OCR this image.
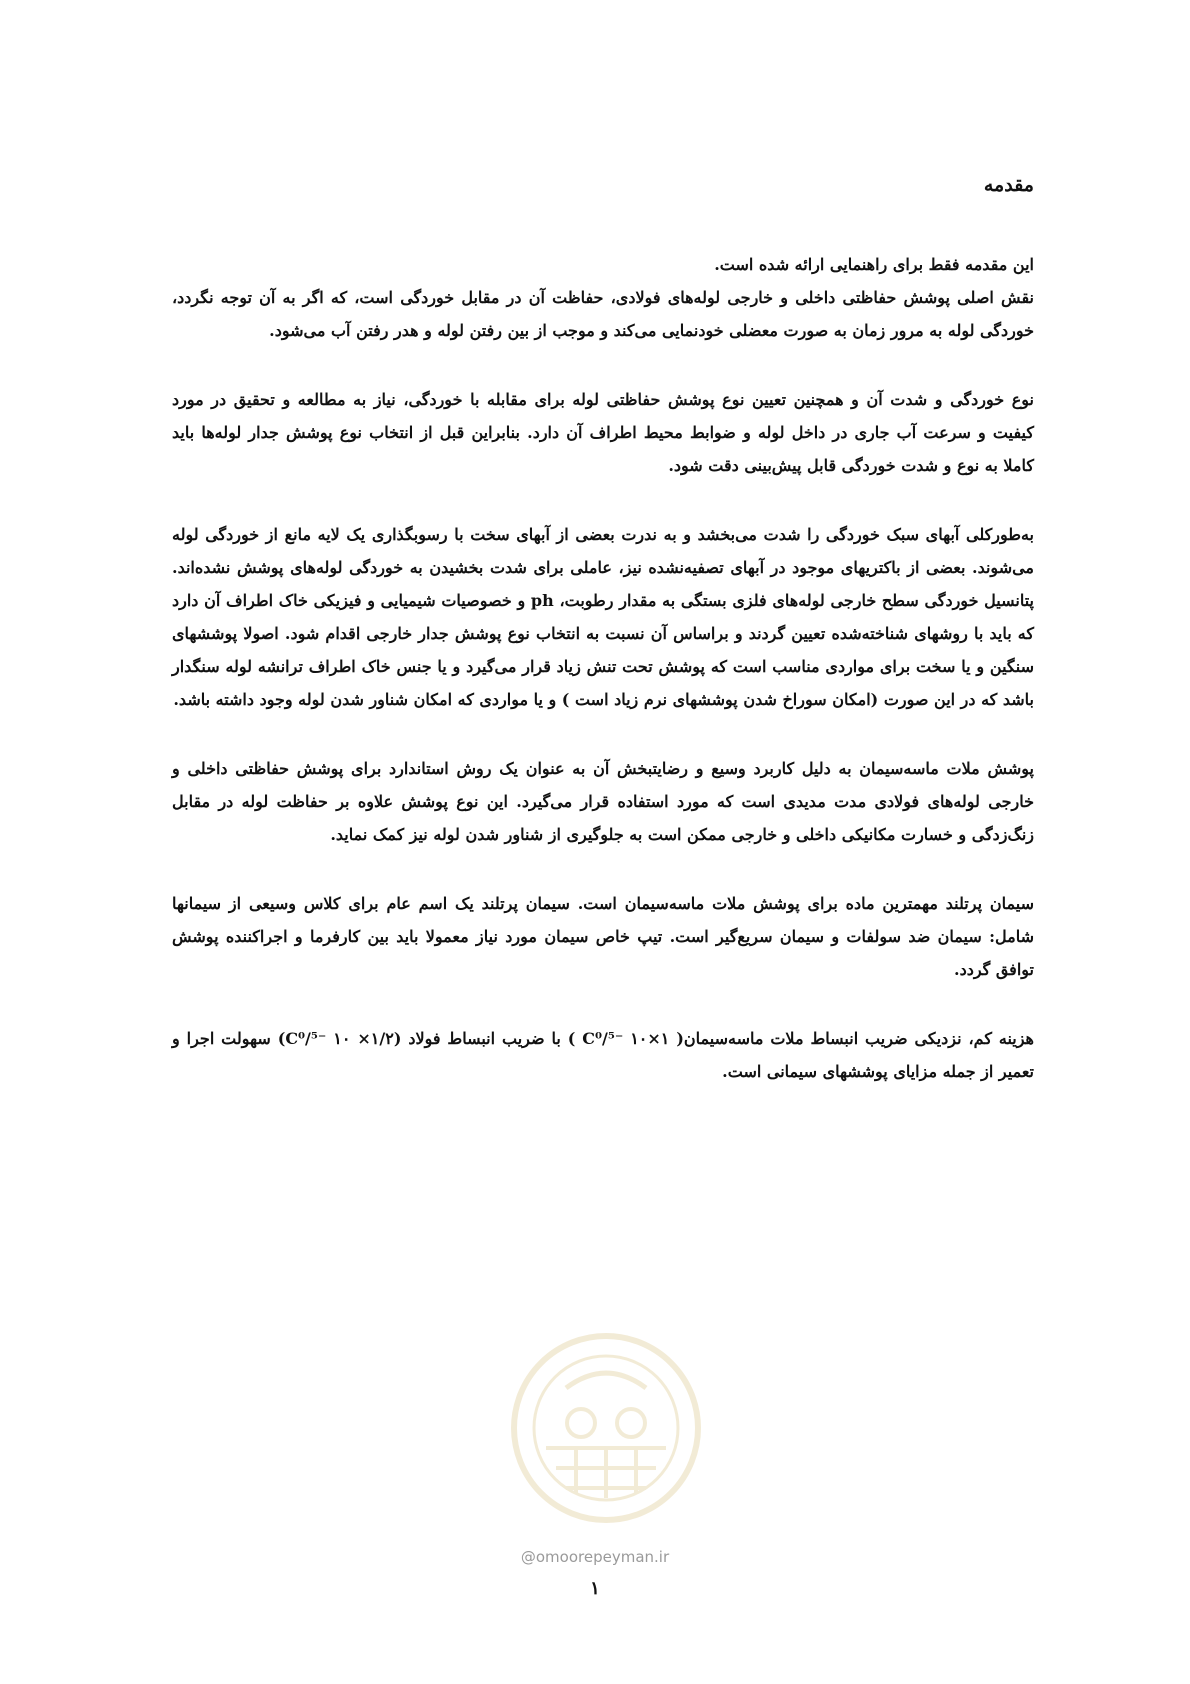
مقدمه

این مقدمه فقط برای راهنمایی ارائه شده است.

نقش اصلی پوشش حفاظتی داخلی و خارجی لوله‌های فولادی، حفاظت آن در مقابل خوردگی است، که اگر به آن توجه نگردد، خوردگی لوله به مرور زمان به صورت معضلی خودنمایی می‌کند و موجب از بین رفتن لوله و هدر رفتن آب می‌شود.

نوع خوردگی و شدت آن و همچنین تعیین نوع پوشش حفاظتی لوله برای مقابله با خوردگی، نیاز به مطالعه و تحقیق در مورد کیفیت و سرعت آب جاری در داخل لوله و ضوابط محیط اطراف آن دارد. بنابراین قبل از انتخاب نوع پوشش جدار لوله‌ها باید کاملا به نوع و شدت خوردگی قابل پیش‌بینی دقت شود.

به‌طورکلی آبهای سبک خوردگی را شدت می‌بخشد و به ندرت بعضی از آبهای سخت با رسوبگذاری یک لایه مانع از خوردگی لوله می‌شوند. بعضی از باکتریهای موجود در آبهای تصفیه‌نشده نیز، عاملی برای شدت بخشیدن به خوردگی لوله‌های پوشش نشده‌اند. پتانسیل خوردگی سطح خارجی لوله‌های فلزی بستگی به مقدار رطوبت، ph و خصوصیات شیمیایی و فیزیکی خاک اطراف آن دارد که باید با روشهای شناخته‌شده تعیین گردند و براساس آن نسبت به انتخاب نوع پوشش جدار خارجی اقدام شود. اصولا پوششهای سنگین و یا سخت برای مواردی مناسب است که پوشش تحت تنش زیاد قرار می‌گیرد و یا جنس خاک اطراف ترانشه لوله سنگدار باشد که در این صورت (امکان سوراخ شدن پوششهای نرم زیاد است ) و یا مواردی که امکان شناور شدن لوله وجود داشته باشد.

پوشش ملات ماسه‌سیمان به دلیل کاربرد وسیع و رضایتبخش آن به عنوان یک روش استاندارد برای پوشش حفاظتی داخلی و خارجی لوله‌های فولادی مدت مدیدی است که مورد استفاده قرار می‌گیرد. این نوع پوشش علاوه بر حفاظت لوله در مقابل زنگ‌زدگی و خسارت مکانیکی داخلی و خارجی ممکن است به جلوگیری از شناور شدن لوله نیز کمک نماید.

سیمان پرتلند مهمترین ماده برای پوشش ملات ماسه‌سیمان است. سیمان پرتلند یک اسم عام برای کلاس وسیعی از سیمانها شامل: سیمان ضد سولفات و سیمان سریع‌گیر است. تیپ خاص سیمان مورد نیاز معمولا باید بین کارفرما و اجراکننده پوشش توافق گردد.

هزینه کم، نزدیکی ضریب انبساط ملات ماسه‌سیمان( C⁰/⁵⁻ ۱۰×۱ ) با ضریب انبساط فولاد (C⁰/⁵⁻ ۱۰ ×۱/۲) سهولت اجرا و تعمیر از جمله مزایای پوششهای سیمانی است.

@omoorepeyman.ir
۱
